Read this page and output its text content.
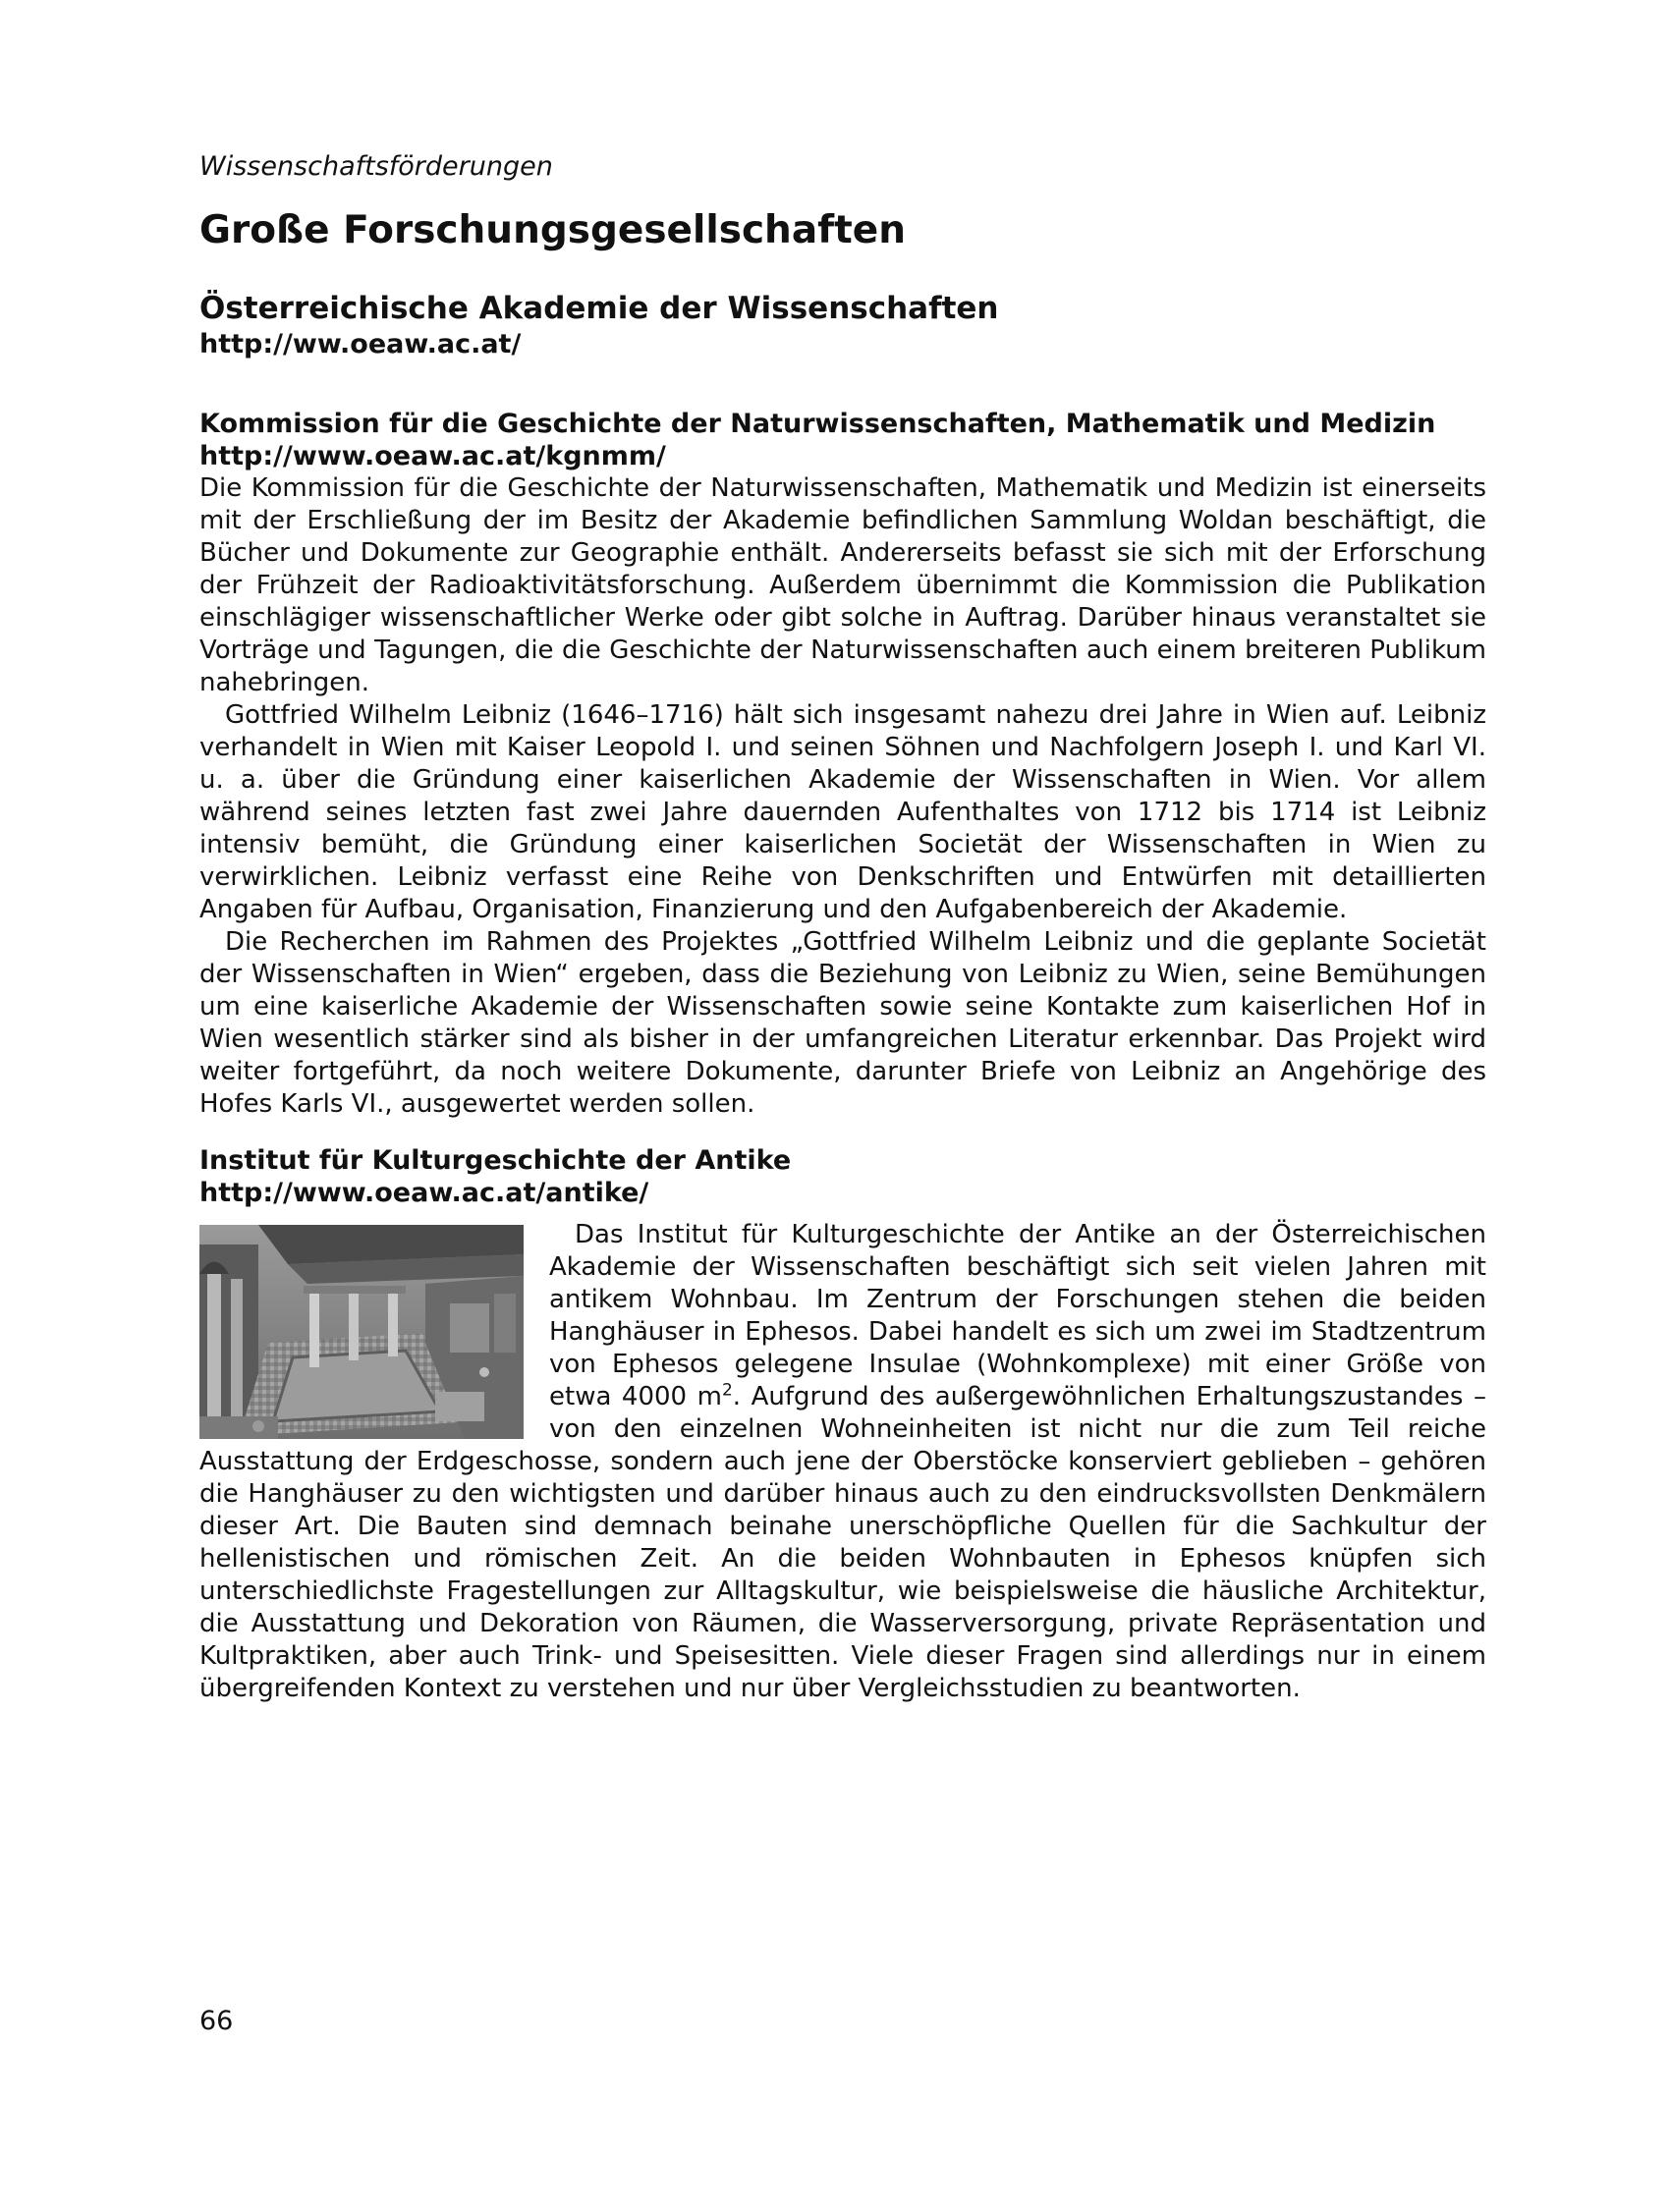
Wissenschaftsförderungen
Große Forschungsgesellschaften
Österreichische Akademie der Wissenschaften
http://ww.oeaw.ac.at/
Kommission für die Geschichte der Naturwissenschaften, Mathematik und Medizin
http://www.oeaw.ac.at/kgnmm/

Die Kommission für die Geschichte der Naturwissenschaften, Mathematik und Medizin ist einerseits mit der Erschließung der im Besitz der Akademie befindlichen Sammlung Woldan beschäftigt, die Bücher und Dokumente zur Geographie enthält. Andererseits befasst sie sich mit der Erforschung der Frühzeit der Radioaktivitätsforschung. Außerdem übernimmt die Kommission die Publikation einschlägiger wissenschaftlicher Werke oder gibt solche in Auftrag. Darüber hinaus veranstaltet sie Vorträge und Tagungen, die die Geschichte der Naturwissenschaften auch einem breiteren Publikum nahebringen.

Gottfried Wilhelm Leibniz (1646–1716) hält sich insgesamt nahezu drei Jahre in Wien auf. Leibniz verhandelt in Wien mit Kaiser Leopold I. und seinen Söhnen und Nachfolgern Joseph I. und Karl VI. u. a. über die Gründung einer kaiserlichen Akademie der Wissenschaften in Wien. Vor allem während seines letzten fast zwei Jahre dauernden Aufenthaltes von 1712 bis 1714 ist Leibniz intensiv bemüht, die Gründung einer kaiserlichen Societät der Wissenschaften in Wien zu verwirklichen. Leibniz verfasst eine Reihe von Denkschriften und Entwürfen mit detaillierten Angaben für Aufbau, Organisation, Finanzierung und den Aufgabenbereich der Akademie.

Die Recherchen im Rahmen des Projektes „Gottfried Wilhelm Leibniz und die geplante Societät der Wissenschaften in Wien“ ergeben, dass die Beziehung von Leibniz zu Wien, seine Bemühungen um eine kaiserliche Akademie der Wissenschaften sowie seine Kontakte zum kaiserlichen Hof in Wien wesentlich stärker sind als bisher in der umfangreichen Literatur erkennbar. Das Projekt wird weiter fortgeführt, da noch weitere Dokumente, darunter Briefe von Leibniz an Angehörige des Hofes Karls VI., ausgewertet werden sollen.

Institut für Kulturgeschichte der Antike
http://www.oeaw.ac.at/antike/

Das Institut für Kulturgeschichte der Antike an der Österreichischen Akademie der Wissenschaften beschäftigt sich seit vielen Jahren mit antikem Wohnbau. Im Zentrum der Forschungen stehen die beiden Hanghäuser in Ephesos. Dabei handelt es sich um zwei im Stadtzentrum von Ephesos gelegene Insulae (Wohnkomplexe) mit einer Größe von etwa 4000 $m^2$. Aufgrund des außergewöhnlichen Erhaltungszustandes – von den einzelnen Wohneinheiten ist nicht nur die zum Teil reiche Ausstattung der Erdgeschosse, sondern auch jene der Oberstöcke konserviert geblieben – gehören die Hanghäuser zu den wichtigsten und darüber hinaus auch zu den eindrucksvollsten Denkmälern dieser Art. Die Bauten sind demnach beinahe unerschöpfliche Quellen für die Sachkultur der hellenistischen und römischen Zeit. An die beiden Wohnbauten in Ephesos knüpfen sich unterschiedlichste Fragestellungen zur Alltagskultur, wie beispielsweise die häusliche Architektur, die Ausstattung und Dekoration von Räumen, die Wasserversorgung, private Repräsentation und Kultpraktiken, aber auch Trink- und Speisesitten. Viele dieser Fragen sind allerdings nur in einem übergreifenden Kontext zu verstehen und nur über Vergleichsstudien zu beantworten.

66
